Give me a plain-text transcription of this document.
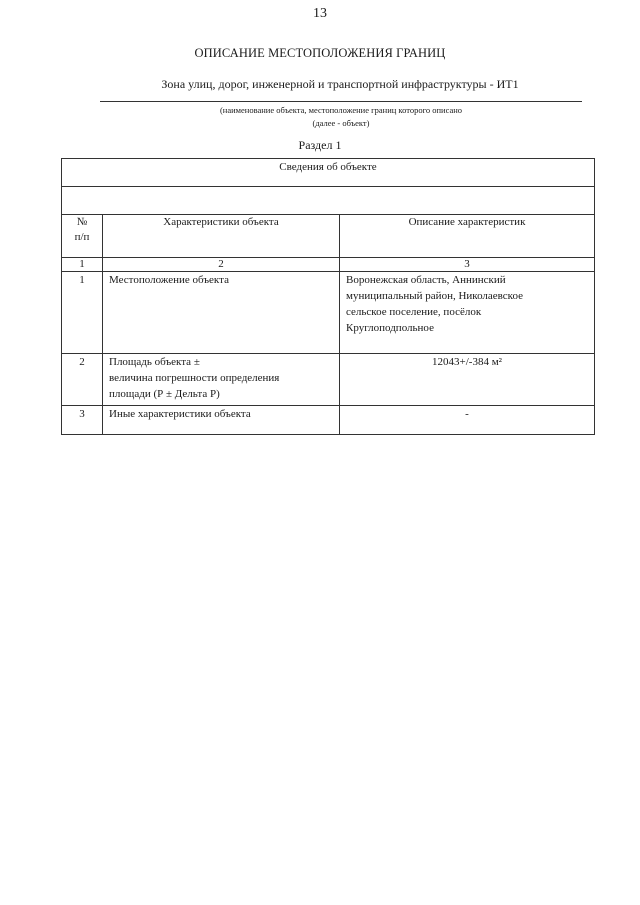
13
ОПИСАНИЕ МЕСТОПОЛОЖЕНИЯ ГРАНИЦ
Зона улиц, дорог, инженерной и транспортной инфраструктуры - ИТ1
(наименование объекта, местоположение границ которого описано
(далее - объект)
Раздел 1
Сведения об объекте		

№
п/п	Характеристики объекта	Описание характеристик
1	2	3
1	Местоположение объекта	Воронежская область, Аннинский
муниципальный район, Николаевское
сельское поселение, посёлок
Круглоподпольное

2	Площадь объекта ±
величина погрешности определения
площади (Р ± Дельта Р)	12043+/-384 м²
3	Иные характеристики объекта	-
